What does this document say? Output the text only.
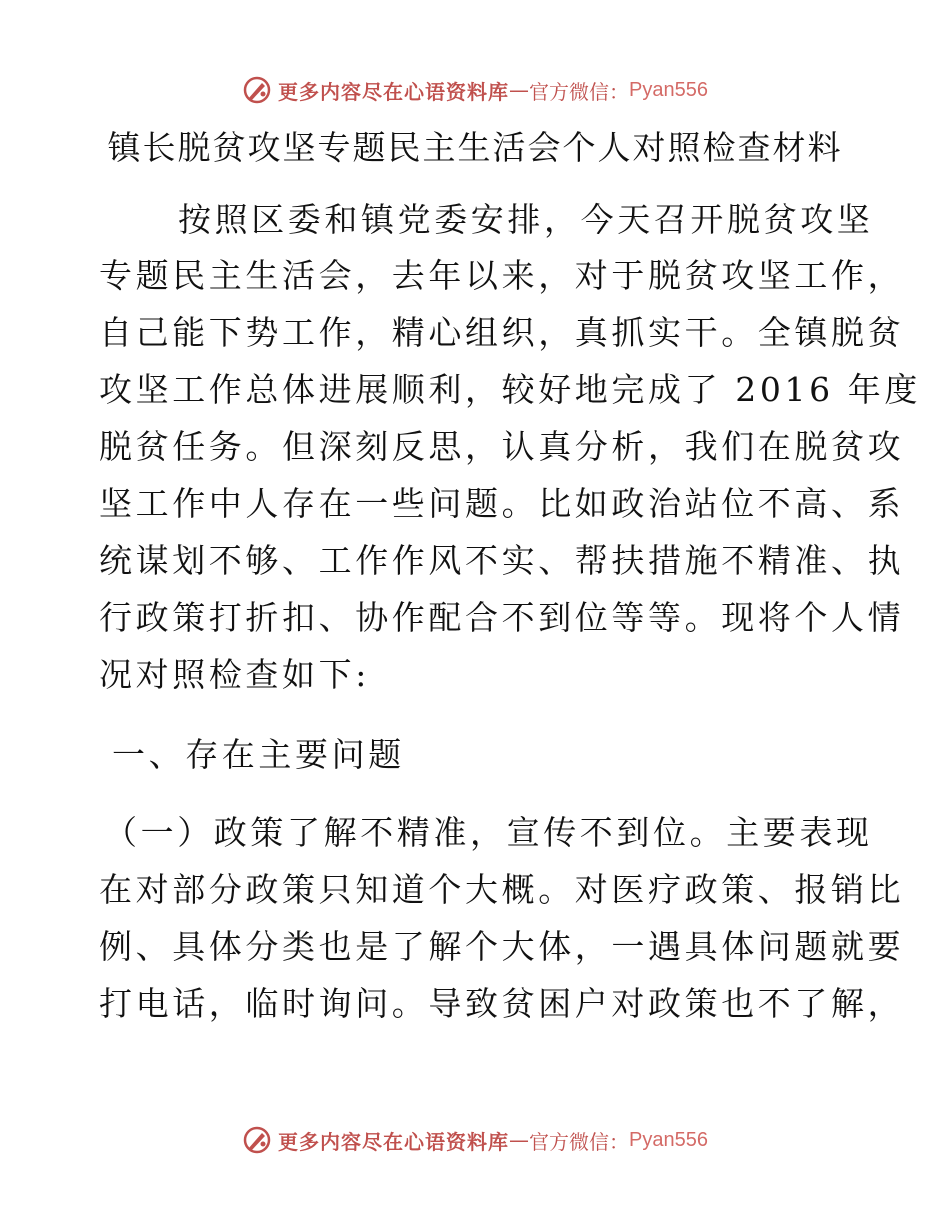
更多内容尽在心语资料库 — 官方微信： Pyan556
镇长脱贫攻坚专题民主生活会个人对照检查材料
按照区委和镇党委安排，今天召开脱贫攻坚
专题民主生活会，去年以来，对于脱贫攻坚工作，
自己能下势工作，精心组织，真抓实干。全镇脱贫
攻坚工作总体进展顺利，较好地完成了 2016 年度
脱贫任务。但深刻反思，认真分析，我们在脱贫攻
坚工作中人存在一些问题。比如政治站位不高、系
统谋划不够、工作作风不实、帮扶措施不精准、执
行政策打折扣、协作配合不到位等等。现将个人情
况对照检查如下:
一、存在主要问题
（一）政策了解不精准，宣传不到位。主要表现
在对部分政策只知道个大概。对医疗政策、报销比
例、具体分类也是了解个大体，一遇具体问题就要
打电话，临时询问。导致贫困户对政策也不了解，
更多内容尽在心语资料库 — 官方微信： Pyan556
